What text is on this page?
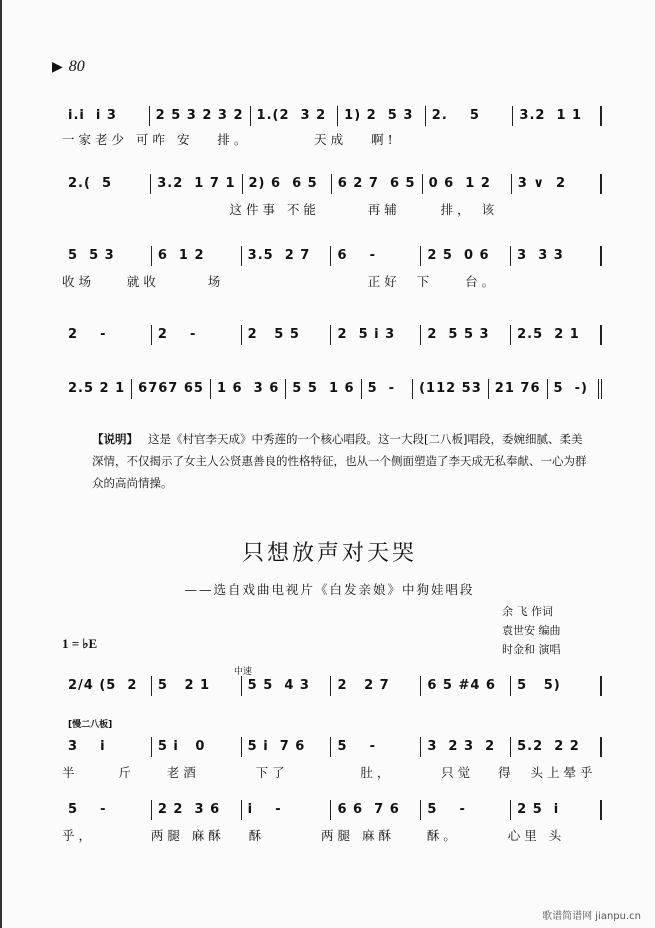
▶ 80
i.i  i 3	2 5 3 2 3 2	1.(2  3 2	1) 2  5 3	2.    5	3.2  1 1
一家老少 可咋 安   排。        天成   啊!
2.(  5	3.2  1 7 1	2) 6  6 5	6 2 7  6 5	0 6  1 2	3 ∨  2
这件事 不能      再辅     排， 该
5  5 3	6  1 2	3.5  2 7	6    -	2 5  0 6	3  3 3
收场    就收      场                  正好  下    台。
2    -	2    -	2   5 5	2  5 i 3	2  5 5 3	2.5  2 1
2.5 2 1	6767 65	1 6  3 6	5 5  1 6	5  -	(112 53	21 76	5  -)
【说明】 这是《村官李天成》中秀莲的一个核心唱段。这一大段[二八板]唱段，委婉细腻、柔美深情，不仅揭示了女主人公贤惠善良的性格特征，也从一个侧面塑造了李天成无私奉献、一心为群众的高尚情操。
只想放声对天哭
——选自戏曲电视片《白发亲娘》中狗娃唱段
余 飞 作词
袁世安 编曲
时金和 演唱
1 = ♭E
中速
[慢二八板]
2/4 (5  2	5   2 1	5 5  4 3	2   2 7	6 5 #4 6	5   5)
3    i	5 i   0	5 i  7 6	5    -	3  2 3  2	5.2  2 2
半     斤    老酒       下了         肚，      只觉   得  头上晕乎
5    -	2 2  3 6	i    -	6 6  7 6	5    -	2 5  i
乎，       两腿 麻酥   酥       两腿 麻酥    酥。      心里 头
歌谱简谱网 jianpu.cn
